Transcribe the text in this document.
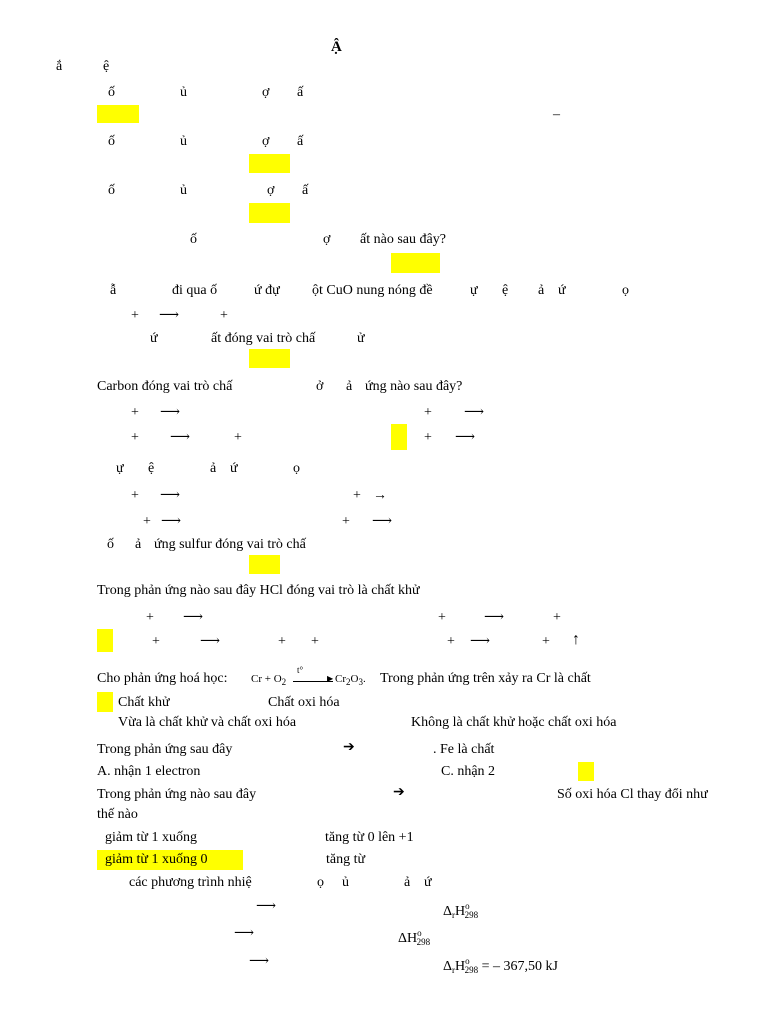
Ậ
ắ	ệ
ố	ủ	ợ ấ
–
ố	ủ	ợ ấ
ố	ủ	ợ ấ
ố	ợ ất nào sau đây?
ẫ	đi qua ố	ứ đự ột CuO nung nóng đề	ự ệ ả ứ	ọ
+ ⟶	+
ứ	ất đóng vai trò chấ	ử
Carbon đóng vai trò chấ	ở ả ứng nào sau đây?
+ ⟶	+ ⟶
+ ⟶	+	+ ⟶
ự ệ	ả ứ	ọ
+ ⟶	+ →
+ ⟶	+ ⟶
ố ả ứng sulfur đóng vai trò chấ
Trong phản ứng nào sau đây HCl đóng vai trò là chất khử
+ ⟶	+	⟶	+
+	⟶	+ +	+ ⟶	+ ↑
Cho phản ứng hoá học: $Cr + O_2$
t°
▶ $Cr_2O_3$. Trong phản ứng trên xảy ra Cr là chất
Chất khử	Chất oxi hóa
Vừa là chất khử và chất oxi hóa	Không là chất khử hoặc chất oxi hóa
Trong phản ứng sau đây	➔	. Fe là chất
A. nhận 1 electron	C. nhận 2
Trong phản ứng nào sau đây	➔	Số oxi hóa Cl thay đổi như
thế nào
giảm từ 1 xuống	tăng từ 0 lên +1
giảm từ 1 xuống 0	tăng từ
các phương trình nhiệ	ọ ủ	ả ứ
⟶	$\Delta_rH^o_{298}$
⟶	$\Delta H^o_{298}$
⟶	$\Delta_rH^o_{298}$ = – 367,50 kJ
